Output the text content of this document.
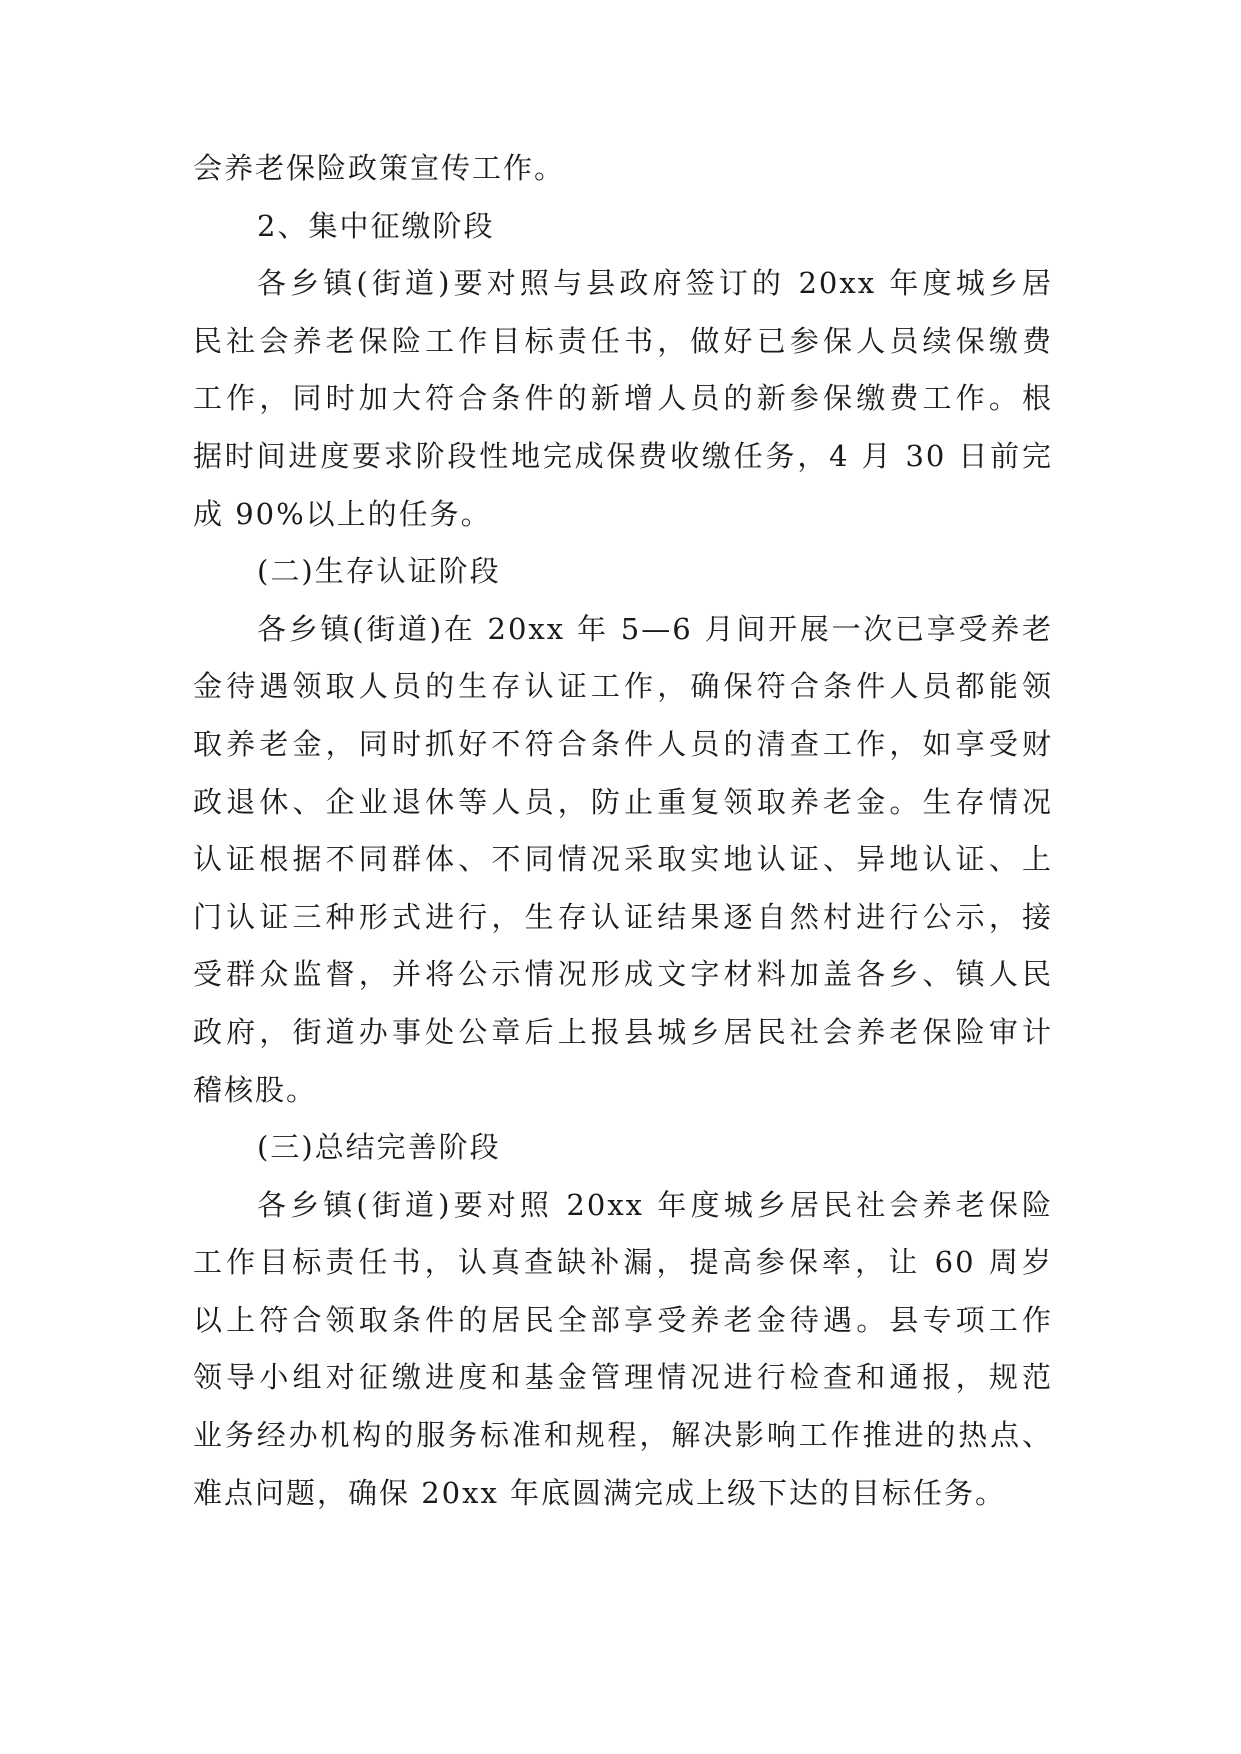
会养老保险政策宣传工作。
2、集中征缴阶段
各乡镇(街道)要对照与县政府签订的 20xx 年度城乡居
民社会养老保险工作目标责任书，做好已参保人员续保缴费
工作，同时加大符合条件的新增人员的新参保缴费工作。根
据时间进度要求阶段性地完成保费收缴任务，4 月 30 日前完
成 90%以上的任务。
(二)生存认证阶段
各乡镇(街道)在 20xx 年 5—6 月间开展一次已享受养老
金待遇领取人员的生存认证工作，确保符合条件人员都能领
取养老金，同时抓好不符合条件人员的清查工作，如享受财
政退休、企业退休等人员，防止重复领取养老金。生存情况
认证根据不同群体、不同情况采取实地认证、异地认证、上
门认证三种形式进行，生存认证结果逐自然村进行公示，接
受群众监督，并将公示情况形成文字材料加盖各乡、镇人民
政府，街道办事处公章后上报县城乡居民社会养老保险审计
稽核股。
(三)总结完善阶段
各乡镇(街道)要对照 20xx 年度城乡居民社会养老保险
工作目标责任书，认真查缺补漏，提高参保率，让 60 周岁
以上符合领取条件的居民全部享受养老金待遇。县专项工作
领导小组对征缴进度和基金管理情况进行检查和通报，规范
业务经办机构的服务标准和规程，解决影响工作推进的热点、
难点问题，确保 20xx 年底圆满完成上级下达的目标任务。
